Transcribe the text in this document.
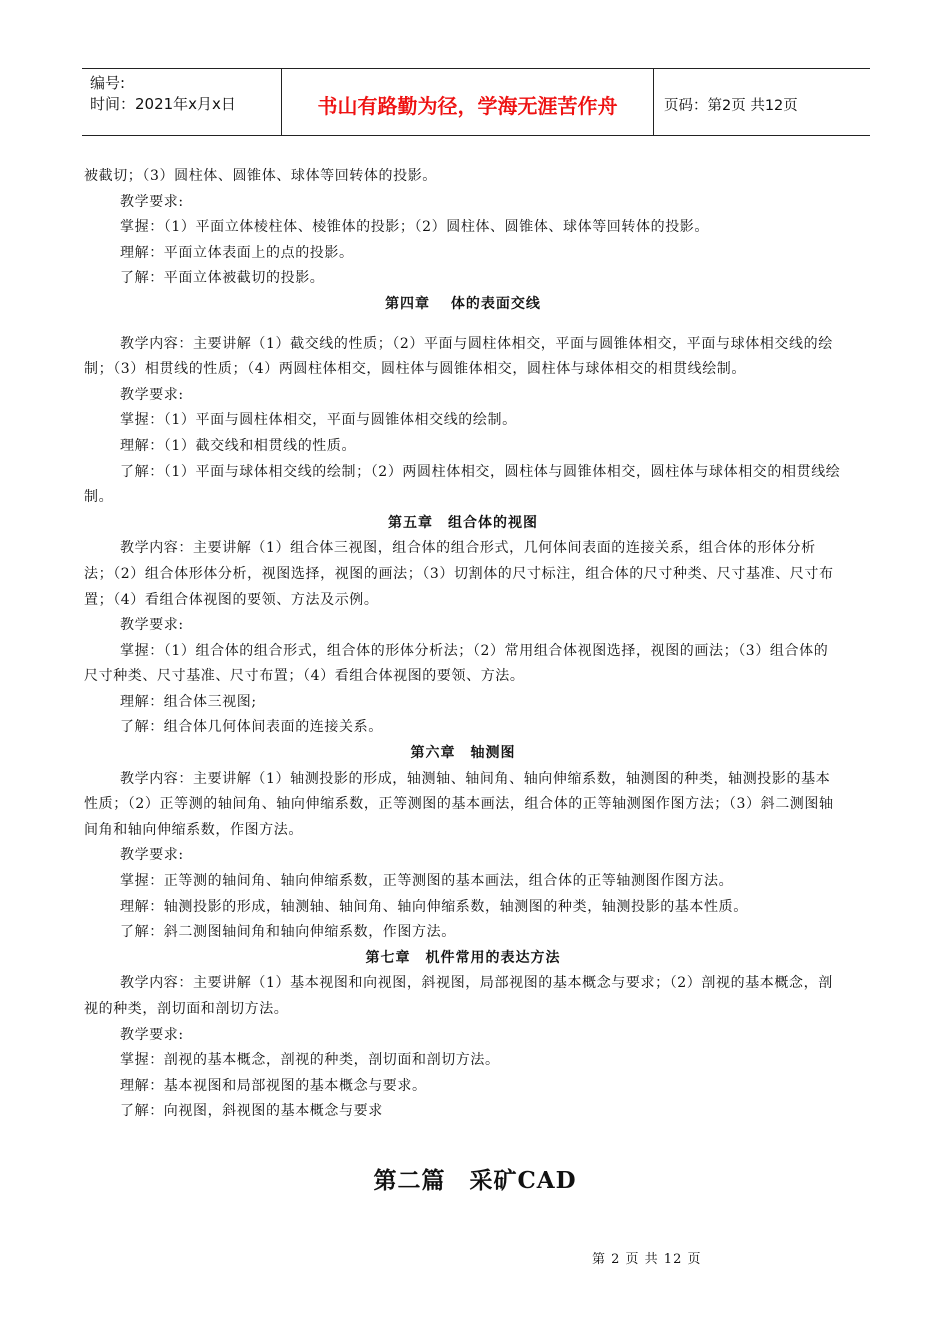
编号:
时间：2021年x月x日	书山有路勤为径，学海无涯苦作舟	页码：第2页 共12页

被截切；（3）圆柱体、圆锥体、球体等回转体的投影。

教学要求:

掌握：（1）平面立体棱柱体、棱锥体的投影；（2）圆柱体、圆锥体、球体等回转体的投影。

理解：平面立体表面上的点的投影。

了解：平面立体被截切的投影。

第四章　 体的表面交线

教学内容：主要讲解（1）截交线的性质；（2）平面与圆柱体相交，平面与圆锥体相交，平面与球体相交线的绘制；（3）相贯线的性质；（4）两圆柱体相交，圆柱体与圆锥体相交，圆柱体与球体相交的相贯线绘制。

教学要求:

掌握：（1）平面与圆柱体相交，平面与圆锥体相交线的绘制。

理解：（1）截交线和相贯线的性质。

了解：（1）平面与球体相交线的绘制；（2）两圆柱体相交，圆柱体与圆锥体相交，圆柱体与球体相交的相贯线绘制。

第五章　组合体的视图

教学内容：主要讲解（1）组合体三视图，组合体的组合形式，几何体间表面的连接关系，组合体的形体分析法；（2）组合体形体分析，视图选择，视图的画法；（3）切割体的尺寸标注，组合体的尺寸种类、尺寸基准、尺寸布置；（4）看组合体视图的要领、方法及示例。

教学要求:

掌握：（1）组合体的组合形式，组合体的形体分析法；（2）常用组合体视图选择，视图的画法；（3）组合体的尺寸种类、尺寸基准、尺寸布置；（4）看组合体视图的要领、方法。

理解：组合体三视图;

了解：组合体几何体间表面的连接关系。

第六章　轴测图

教学内容：主要讲解（1）轴测投影的形成，轴测轴、轴间角、轴向伸缩系数，轴测图的种类，轴测投影的基本性质；（2）正等测的轴间角、轴向伸缩系数，正等测图的基本画法，组合体的正等轴测图作图方法；（3）斜二测图轴间角和轴向伸缩系数，作图方法。

教学要求:

掌握：正等测的轴间角、轴向伸缩系数，正等测图的基本画法，组合体的正等轴测图作图方法。

理解：轴测投影的形成，轴测轴、轴间角、轴向伸缩系数，轴测图的种类，轴测投影的基本性质。

了解：斜二测图轴间角和轴向伸缩系数，作图方法。

第七章　机件常用的表达方法

教学内容：主要讲解（1）基本视图和向视图，斜视图，局部视图的基本概念与要求；（2）剖视的基本概念，剖视的种类，剖切面和剖切方法。

教学要求:

掌握：剖视的基本概念，剖视的种类，剖切面和剖切方法。

理解：基本视图和局部视图的基本概念与要求。

了解：向视图，斜视图的基本概念与要求

第二篇　采矿CAD
第 2 页 共 12 页
